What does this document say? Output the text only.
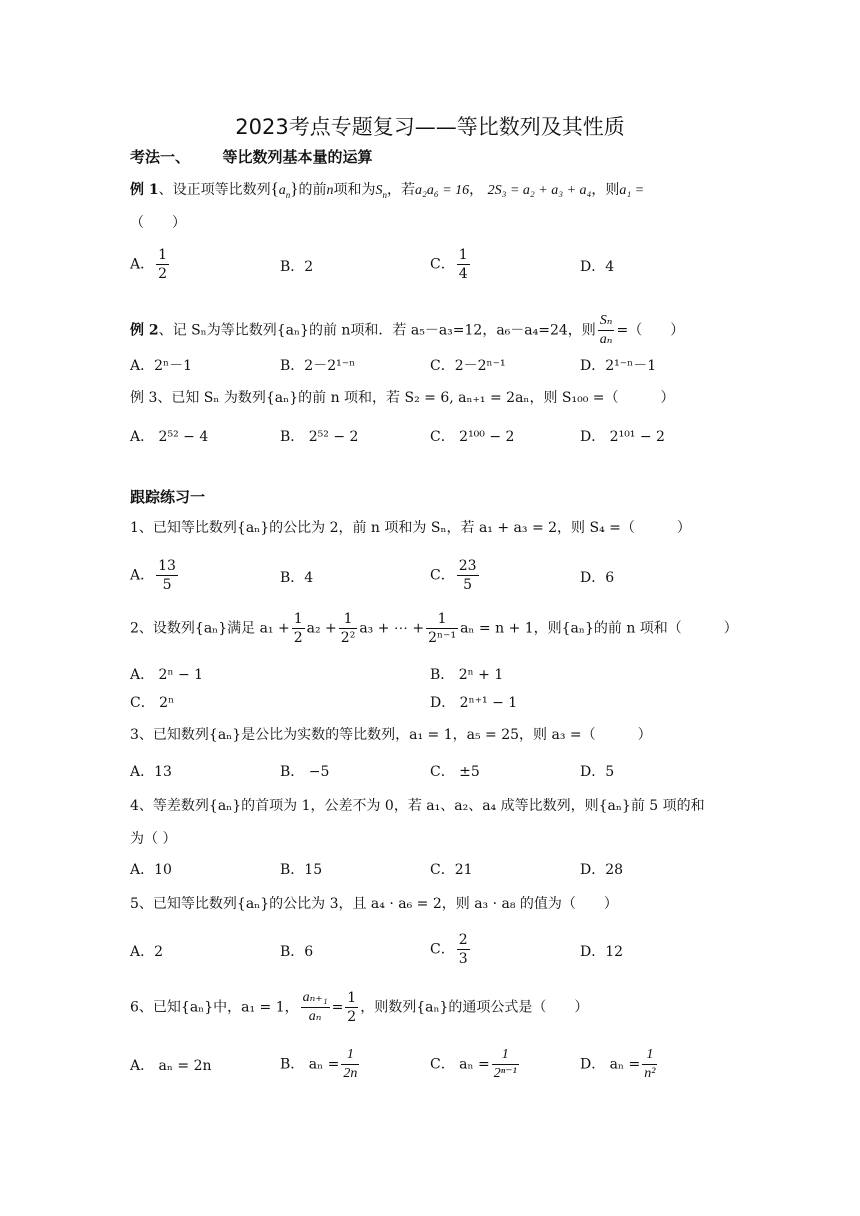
2023考点专题复习——等比数列及其性质
考法一、 等比数列基本量的运算
例 1、设正项等比数列$\{a_n\}$的前n项和为$S_n$，若a₂a₆ = 16， 2S₃ = a₂ + a₃ + a₄，则a₁ =
（　　）
A． $\frac{1}{2}$	B．2	C． $\frac{1}{4}$	D．4
例 2、记 Sₙ为等比数列{aₙ}的前 n项和．若 a₅－a₃=12，a₆－a₄=24，则 $\frac{\text{Sₙ}}{\text{aₙ}}$ =（　　）
A．2ⁿ－1	B．2－2¹⁻ⁿ	C．2－2ⁿ⁻¹	D．2¹⁻ⁿ－1
例 3、已知 Sₙ 为数列{aₙ}的前 n 项和，若 S₂ = 6, aₙ₊₁ = 2aₙ，则 S₁₀₀ =（　　　）
A． 2⁵² − 4	B． 2⁵² − 2	C． 2¹⁰⁰ − 2	D． 2¹⁰¹ − 2
跟踪练习一
1、已知等比数列{aₙ}的公比为 2，前 n 项和为 Sₙ，若 a₁ + a₃ = 2，则 S₄ =（　　　）
A． $\frac{13}{5}$	B．4	C． $\frac{23}{5}$	D．6
2、设数列{aₙ}满足 $a_1 + \frac{1}{2} a_2 + \frac{1}{\text{2²}} a_3$ + ⋯ + $\frac{1}{\text{2ⁿ⁻¹}}$ aₙ = n + 1，则{aₙ}的前 n 项和（　　　）
A． 2ⁿ − 1	B． 2ⁿ + 1
C． 2ⁿ	D． 2ⁿ⁺¹ − 1
3、已知数列{aₙ}是公比为实数的等比数列，a₁ = 1，a₅ = 25，则 a₃ =（　　　）
A．13	B． −5	C． ±5	D．5
4、等差数列{aₙ}的首项为 1，公差不为 0，若 a₁、a₂、a₄ 成等比数列，则{aₙ}前 5 项的和
为（ ）
A．10	B．15	C．21	D．28
5、已知等比数列{aₙ}的公比为 3，且 a₄ · a₆ = 2，则 a₃ · a₈ 的值为（　　）
A．2	B．6	C． $\frac{2}{3}$	D．12
6、已知{aₙ}中，a₁ = 1， $\frac{\text{aₙ₊₁}}{\text{aₙ}} = \frac{1}{2}$ ，则数列{aₙ}的通项公式是（　　）
A． aₙ = 2n	B． $a_n = \frac{1}{2n}$	C． $a_n = \frac{1}{\text{2ⁿ⁻¹}}$	D． $a_n = \frac{1}{\text{n²}}$
